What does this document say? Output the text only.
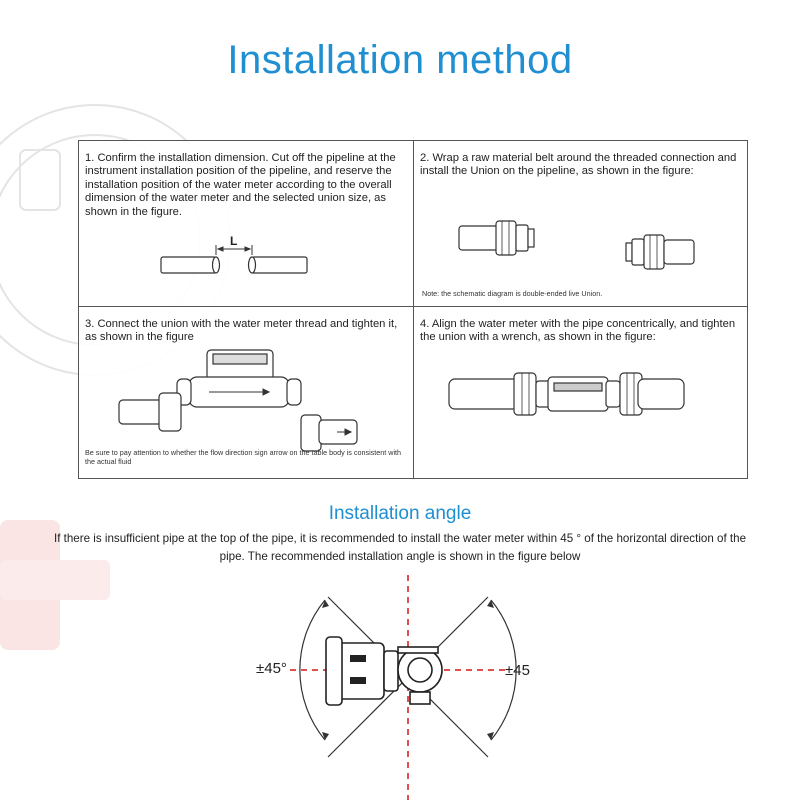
Installation method
1. Confirm the installation dimension. Cut off the pipeline at the instrument installation position of the pipeline, and reserve the installation position of the water meter according to the overall dimension of the water meter and the selected union size, as shown in the figure.
L
2. Wrap a raw material belt around the threaded connection and install the Union on the pipeline, as shown in the figure:
Note: the schematic diagram is double-ended live Union.
3. Connect the union with the water meter thread and tighten it, as shown in the figure
Be sure to pay attention to whether the flow direction sign arrow on the table body is consistent with the actual fluid
4. Align the water meter with the pipe concentrically, and tighten the union with a wrench, as shown in the figure:
Installation angle

If there is insufficient pipe at the top of the pipe, it is recommended to install the water meter within 45 ° of the horizontal direction of the pipe. The recommended installation angle is shown in the figure below

±45°	±45
